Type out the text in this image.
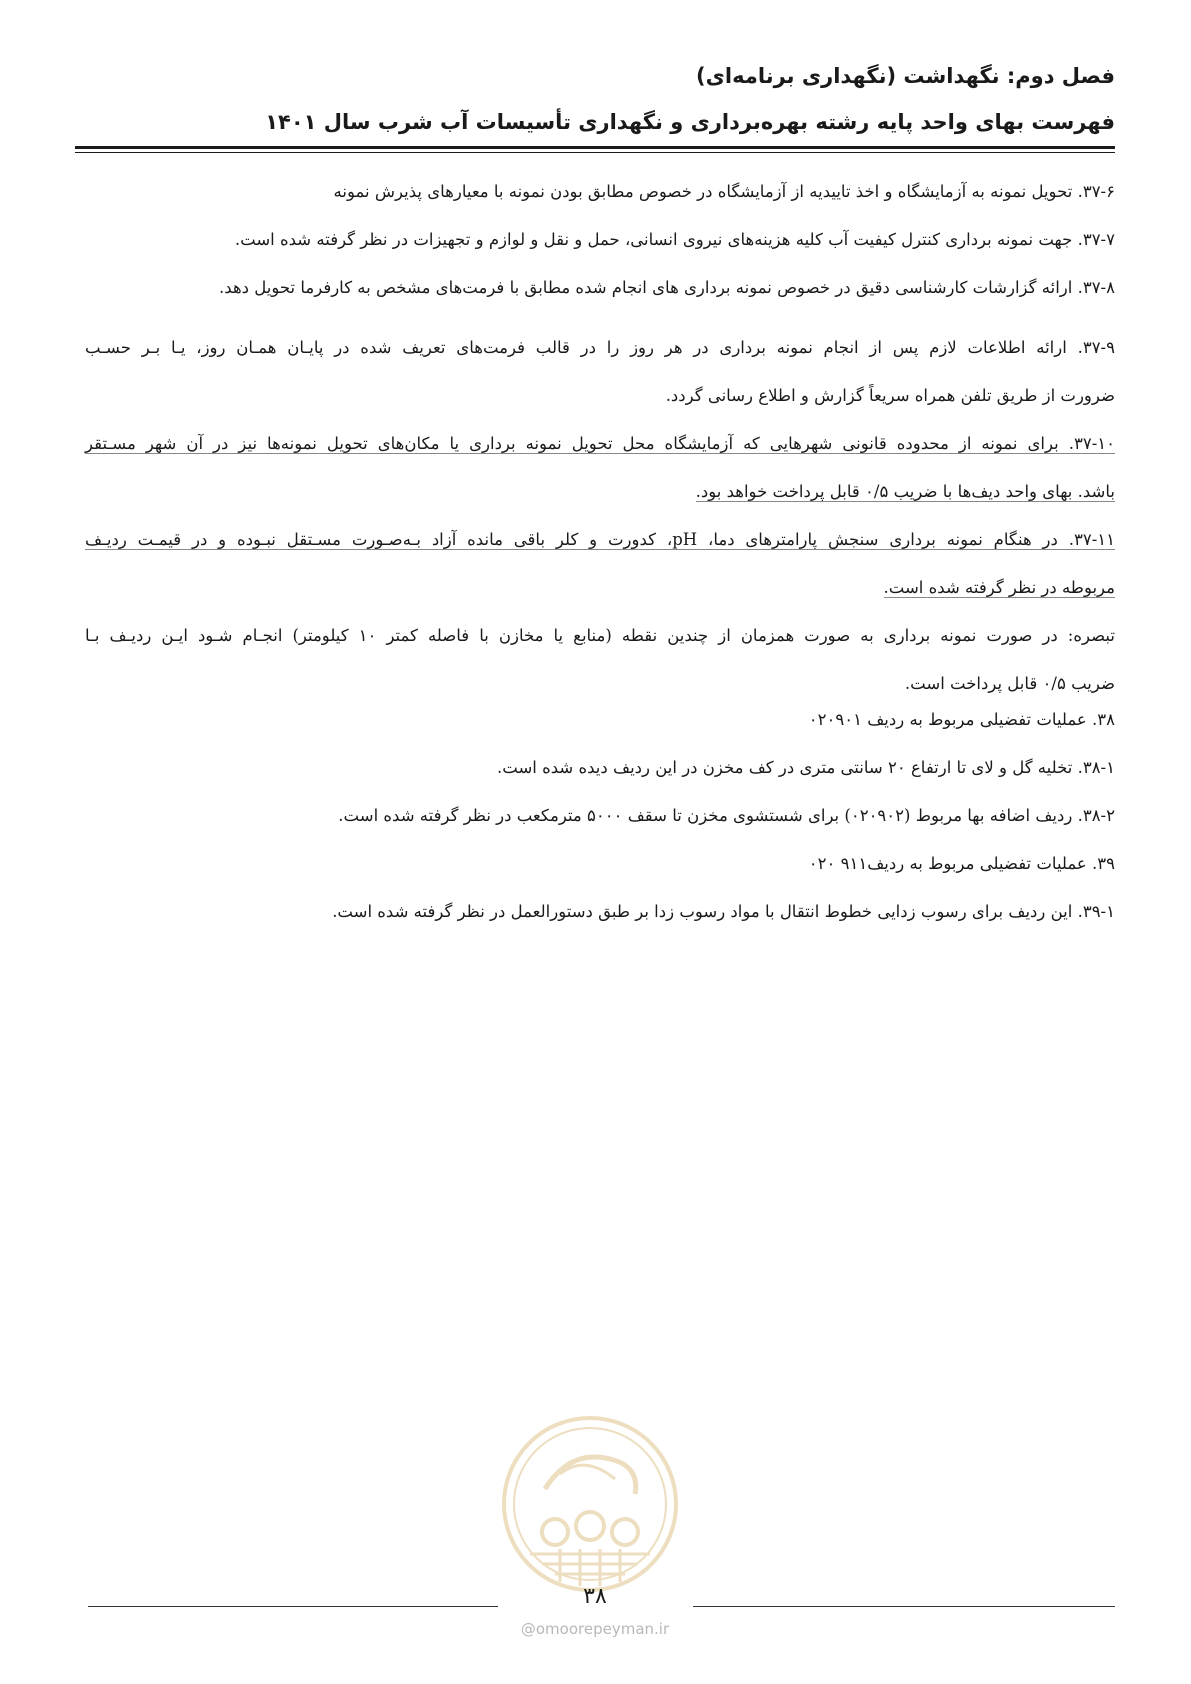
فصل دوم: نگهداشت (نگهداری برنامه‌ای)
فهرست بهای واحد پایه رشته بهره‌برداری و نگهداری تأسیسات آب شرب سال ۱۴۰۱

۳۷-۶. تحویل نمونه به آزمایشگاه و اخذ تاییدیه از آزمایشگاه در خصوص مطابق بودن نمونه با معیارهای پذیرش نمونه

۳۷-۷. جهت نمونه برداری کنترل کیفیت آب کلیه هزینه‌های نیروی انسانی، حمل و نقل و لوازم و تجهیزات در نظر گرفته شده است.

۳۷-۸. ارائه گزارشات کارشناسی دقیق در خصوص نمونه برداری های انجام شده مطابق با فرمت‌های مشخص به کارفرما تحویل دهد.

۳۷-۹. ارائه اطلاعات لازم پس از انجام نمونه برداری در هر روز را در قالب فرمت‌های تعریف شده در پایـان همـان روز، یـا بـر حسـب
ضرورت از طریق تلفن همراه سریعاً گزارش و اطلاع رسانی گردد.

۳۷-۱۰. برای نمونه از محدوده قانونی شهرهایی که آزمایشگاه محل تحویل نمونه برداری یا مکان‌های تحویل نمونه‌ها نیز در آن شهر مسـتقر
باشد. بهای واحد دیف‌ها با ضریب ۰/۵ قابل پرداخت خواهد بود.

۳۷-۱۱. در هنگام نمونه برداری سنجش پارامترهای دما، pH، کدورت و کلر باقی مانده آزاد بـه‌صـورت مسـتقل نبـوده و در قیمـت ردیـف
مربوطه در نظر گرفته شده است.

تبصره: در صورت نمونه برداری به صورت همزمان از چندین نقطه (منابع یا مخازن با فاصله کمتر ۱۰ کیلومتر) انجـام شـود ایـن ردیـف بـا
ضریب ۰/۵ قابل پرداخت است.

۳۸. عملیات تفضیلی مربوط به ردیف ۰۲۰۹۰۱

۳۸-۱. تخلیه گل و لای تا ارتفاع ۲۰ سانتی متری در کف مخزن در این ردیف دیده شده است.

۳۸-۲. ردیف اضافه بها مربوط (۰۲۰۹۰۲) برای شستشوی مخزن تا سقف ۵۰۰۰ مترمکعب در نظر گرفته شده است.

۳۹. عملیات تفضیلی مربوط به ردیف۹۱۱ ۰۲۰

۳۹-۱. این ردیف برای رسوب زدایی خطوط انتقال با مواد رسوب زدا بر طبق دستورالعمل در نظر گرفته شده است.

۳۸
@omoorepeyman.ir
